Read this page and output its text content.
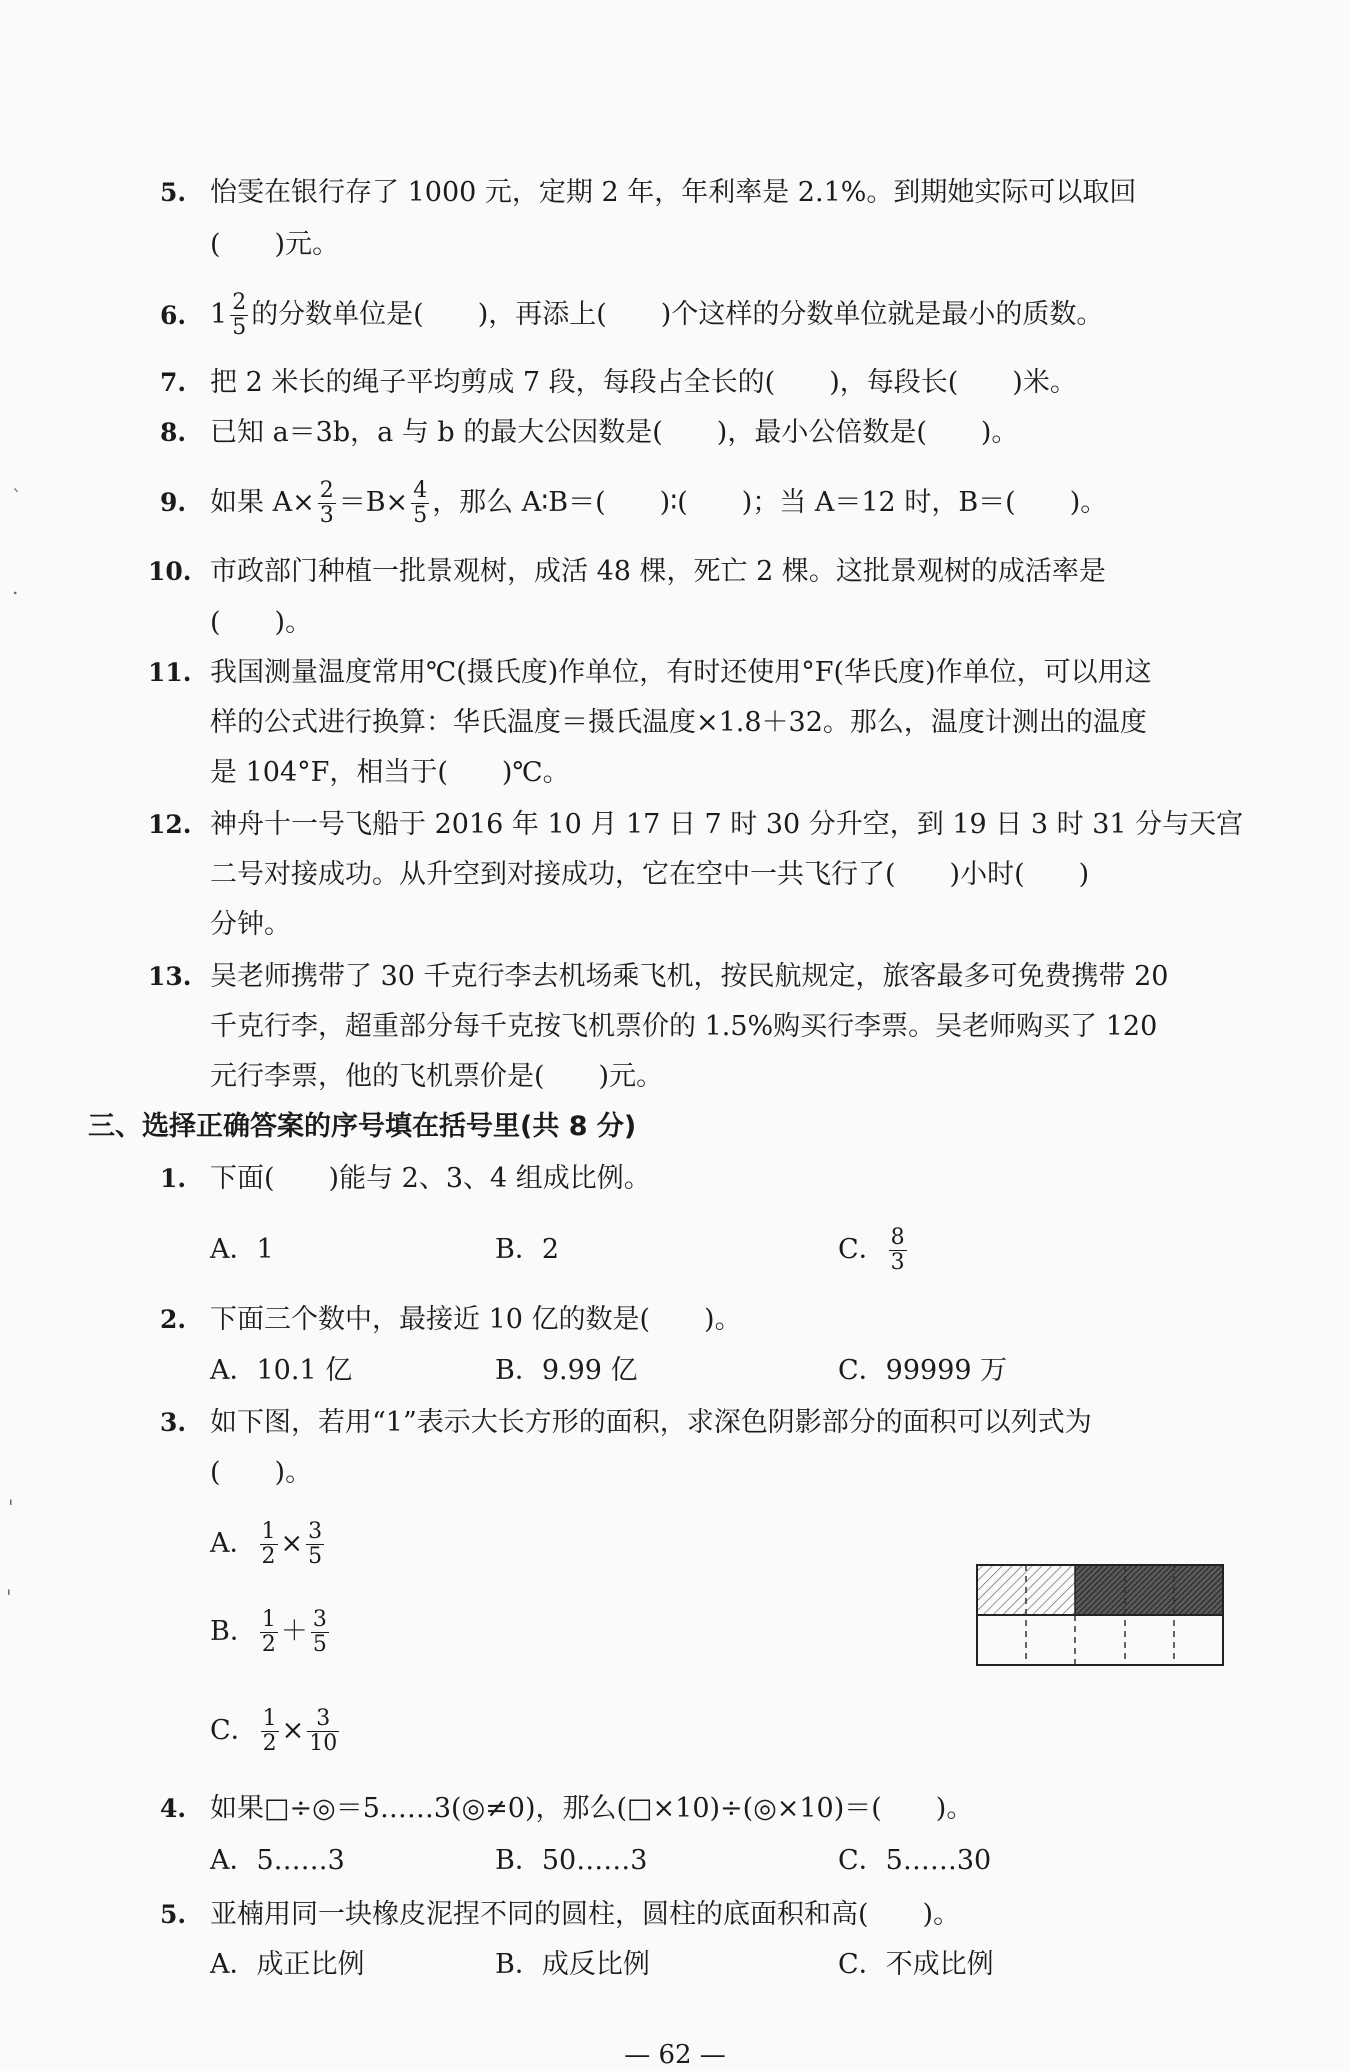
`
.
'
'
5. 怡雯在银行存了 1000 元，定期 2 年，年利率是 2.1%。到期她实际可以取回
(　　)元。
6. $1 \frac{2}{5}$ 的分数单位是(　　)，再添上(　　)个这样的分数单位就是最小的质数。
7. 把 2 米长的绳子平均剪成 7 段，每段占全长的(　　)，每段长(　　)米。
8. 已知 a＝3b，a 与 b 的最大公因数是(　　)，最小公倍数是(　　)。
9. 如果 $A\times \frac{2}{3} =B\times \frac{4}{5}$ ，那么 A∶B＝(　　)∶(　　)；当 A＝12 时，B＝(　　)。
10. 市政部门种植一批景观树，成活 48 棵，死亡 2 棵。这批景观树的成活率是
(　　)。
11. 我国测量温度常用℃(摄氏度)作单位，有时还使用°F(华氏度)作单位，可以用这
样的公式进行换算：华氏温度＝摄氏温度×1.8＋32。那么，温度计测出的温度
是 104°F，相当于(　　)℃。
12. 神舟十一号飞船于 2016 年 10 月 17 日 7 时 30 分升空，到 19 日 3 时 31 分与天宫
二号对接成功。从升空到对接成功，它在空中一共飞行了(　　)小时(　　)
分钟。
13. 吴老师携带了 30 千克行李去机场乘飞机，按民航规定，旅客最多可免费携带 20
千克行李，超重部分每千克按飞机票价的 1.5%购买行李票。吴老师购买了 120
元行李票，他的飞机票价是(　　)元。
三、选择正确答案的序号填在括号里(共 8 分)
1. 下面(　　)能与 2、3、4 组成比例。
A．1	B．2	C． $\frac{8}{3}$
2. 下面三个数中，最接近 10 亿的数是(　　)。
A．10.1 亿	B．9.99 亿	C．99999 万
3. 如下图，若用“1”表示大长方形的面积，求深色阴影部分的面积可以列式为
(　　)。
A． $\frac{1}{2} \times \frac{3}{5}$
B． $\frac{1}{2} + \frac{3}{5}$
C． $\frac{1}{2} \times \frac{3}{10}$
4. 如果□÷◎＝5……3(◎≠0)，那么(□×10)÷(◎×10)＝(　　)。
A．5……3	B．50……3	C．5……30
5. 亚楠用同一块橡皮泥捏不同的圆柱，圆柱的底面积和高(　　)。
A．成正比例	B．成反比例	C．不成比例
— 62 —
